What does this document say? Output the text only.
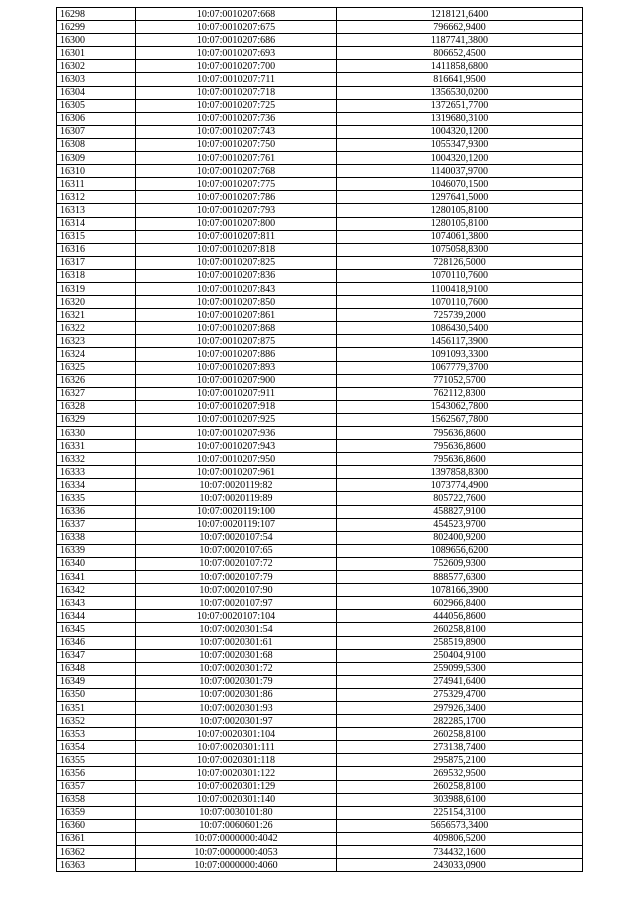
16298	10:07:0010207:668	1218121,6400
16299	10:07:0010207:675	796662,9400
16300	10:07:0010207:686	1187741,3800
16301	10:07:0010207:693	806652,4500
16302	10:07:0010207:700	1411858,6800
16303	10:07:0010207:711	816641,9500
16304	10:07:0010207:718	1356530,0200
16305	10:07:0010207:725	1372651,7700
16306	10:07:0010207:736	1319680,3100
16307	10:07:0010207:743	1004320,1200
16308	10:07:0010207:750	1055347,9300
16309	10:07:0010207:761	1004320,1200
16310	10:07:0010207:768	1140037,9700
16311	10:07:0010207:775	1046070,1500
16312	10:07:0010207:786	1297641,5000
16313	10:07:0010207:793	1280105,8100
16314	10:07:0010207:800	1280105,8100
16315	10:07:0010207:811	1074061,3800
16316	10:07:0010207:818	1075058,8300
16317	10:07:0010207:825	728126,5000
16318	10:07:0010207:836	1070110,7600
16319	10:07:0010207:843	1100418,9100
16320	10:07:0010207:850	1070110,7600
16321	10:07:0010207:861	725739,2000
16322	10:07:0010207:868	1086430,5400
16323	10:07:0010207:875	1456117,3900
16324	10:07:0010207:886	1091093,3300
16325	10:07:0010207:893	1067779,3700
16326	10:07:0010207:900	771052,5700
16327	10:07:0010207:911	762112,8300
16328	10:07:0010207:918	1543062,7800
16329	10:07:0010207:925	1562567,7800
16330	10:07:0010207:936	795636,8600
16331	10:07:0010207:943	795636,8600
16332	10:07:0010207:950	795636,8600
16333	10:07:0010207:961	1397858,8300
16334	10:07:0020119:82	1073774,4900
16335	10:07:0020119:89	805722,7600
16336	10:07:0020119:100	458827,9100
16337	10:07:0020119:107	454523,9700
16338	10:07:0020107:54	802400,9200
16339	10:07:0020107:65	1089656,6200
16340	10:07:0020107:72	752609,9300
16341	10:07:0020107:79	888577,6300
16342	10:07:0020107:90	1078166,3900
16343	10:07:0020107:97	602966,8400
16344	10:07:0020107:104	444056,8600
16345	10:07:0020301:54	260258,8100
16346	10:07:0020301:61	258519,8900
16347	10:07:0020301:68	250404,9100
16348	10:07:0020301:72	259099,5300
16349	10:07:0020301:79	274941,6400
16350	10:07:0020301:86	275329,4700
16351	10:07:0020301:93	297926,3400
16352	10:07:0020301:97	282285,1700
16353	10:07:0020301:104	260258,8100
16354	10:07:0020301:111	273138,7400
16355	10:07:0020301:118	295875,2100
16356	10:07:0020301:122	269532,9500
16357	10:07:0020301:129	260258,8100
16358	10:07:0020301:140	303988,6100
16359	10:07:0030101:80	225154,3100
16360	10:07:0060601:26	5656573,3400
16361	10:07:0000000:4042	409806,5200
16362	10:07:0000000:4053	734432,1600
16363	10:07:0000000:4060	243033,0900
